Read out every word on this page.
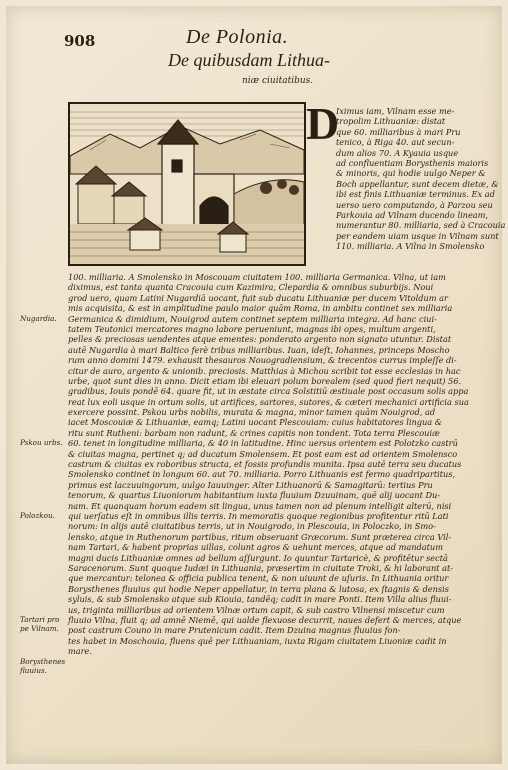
908	De Polonia.
De quibusdam Lithua-
niæ ciuitatibus.
D
Iximus iam, Vilnam esse me-
tropolim Lithuaniæ: distat
que 60. milliaribus à mari Pru
tenico, à Riga 40. aut secun-
dum alios 70. A Kyauia usque
ad confluentiam Borysthenis maioris
& minoris, qui hodie uulgo Neper &
Boch appellantur, sunt decem dietæ, &
ibi est finis Lithuaniæ terminus. Ex ad
uerso uero computando, à Parzou seu
Parkouia ad Vilnam ducendo lineam,
numerantur 80. milliaria, sed à Cracouia
per eandem uiam usque in Vilnam sunt
110. milliaria. A Vilna in Smolensko
100. milliaria. A Smolensko in Moscouam ciuitatem 100. milliaria Germanica. Vilna, ut iam
diximus, est tanta quanta Cracouia cum Kazimira, Clepardia & omnibus suburbijs. Noui
grod uero, quam Latini Nugardiā uocant, fuit sub ducatu Lithuaniæ per ducem Vitoldum ar
mis acquisita, & est in amplitudine paulo maior quām Roma, in ambitu continet sex milliaria
Germanica & dimidium, Nouigrod autem continet septem milliaria integra. Ad hanc ciui-
tatem Teutonici mercatores magno labore perueniunt, magnas ibi opes, multum argenti,
pelles & preciosas uendentes atque ementes: ponderato argento non signato utuntur. Distat
autē Nugardia à mari Baltico ferè tribus milliaribus. Iuan, ideſt, Iohannes, princeps Moscho
rum anno domini 1479. exhausit thesauros Nouogradiensium, & trecentos currus impleſſe di-
citur de auro, argento & unionib. preciosis. Matthias à Michou scribit tot esse ecclesias in hac
urbe, quot sunt dies in anno. Dicit etiam ibi eleuari polum borealem (sed quod fieri nequit) 56.
gradibus, Iouis pondē 64. quare fit, ut in æstate circa Solstitiū æstiuale post occasum solis appa
reat lux eoli usque in ortum solis, ut artifices, sartores, sutores, & cæteri mechanici artificia sua
exercere possint. Pskou urbs nobilis, murata & magna, minor tamen quām Nouigrod, ad
iacet Moscouiæ & Lithuaniæ, eamq; Latini uocant Plescouiam: cuius habitatores lingua &
ritu sunt Rutheni: barbam non radunt, & crines capitis non tondent. Tota terra Plescouiæ
60. tenet in longitudine milliaria, & 40 in latitudine. Hinc uersus orientem est Polotzko castrū
& ciuitas magna, pertinet q; ad ducatum Smolensem. Et post eam est ad orientem Smolensco
castrum & ciuitas ex roboribus structa, et fossis profundis munita. Ipsa autē terra seu ducatus
Smolensko continet in longum 60. aut 70. milliaria. Porro Lithuanis est fermo quadripartitus,
primus est laczuuingorum, uulgo Iauuinger. Alter Lithuanorū & Samagitarū: tertius Pru
tenorum, & quartus Liuoniorum habitantium iuxta fluuium Dzuuinam, quē alij uocant Du-
nam. Et quanquam horum eadem sit lingua, unus tamen non ad plenum intelligit alterū, nisi
qui uerſatus eſt in omnibus illis terris. In memoratis quoque regionibus profitentur ritū Lati
norum: in alijs autē ciuitatibus terris, ut in Nouigrodo, in Plescouia, in Poloczko, in Smo-
lensko, atque in Ruthenorum partibus, ritum obseruant Græcorum. Sunt præterea circa Vil-
nam Tartari, & habent proprias uillas, colunt agros & uehunt merces, atque ad mandatum
magni ducis Lithuaniæ omnes ad bellum aſſurgunt. Io quuntur Tartaricè, & profitētur sectā
Saracenorum. Sunt quoque Iudæi in Lithuania, præsertim in ciuitate Troki, & hi laborant at-
que mercantur: telonea & officia publica tenent, & non uiuunt de uſuris. In Lithuania oritur
Borysthenes fluuius qui hodie Neper appellatur, in terra plana & lutosa, ex ſtagnis & densis
syluis, & sub Smolensko atque sub Kiouia, tandēq; cadit in mare Ponti. Item Villa alius fluui-
us, triginta milliaribus ad orientem Vilnæ ortum capit, & sub castro Vilnensi miscetur cum
fluuio Vilna, fluit q; ad amnē Niemē, qui ualde flexuose decurrit, naues defert & merces, atque
post castrum Couno in mare Prutenicum cadit. Item Dzuina magnus fluuius fon-
tes habet in Moschouia, fluens quē per Lithuaniam, iuxta Rigam ciuitatem Liuoniæ cadit in
mare.
Nugardia.
Pskou urbs.
Polozkou.
Tartari pro pe Vilnam.
Borysthenes fluuius.
